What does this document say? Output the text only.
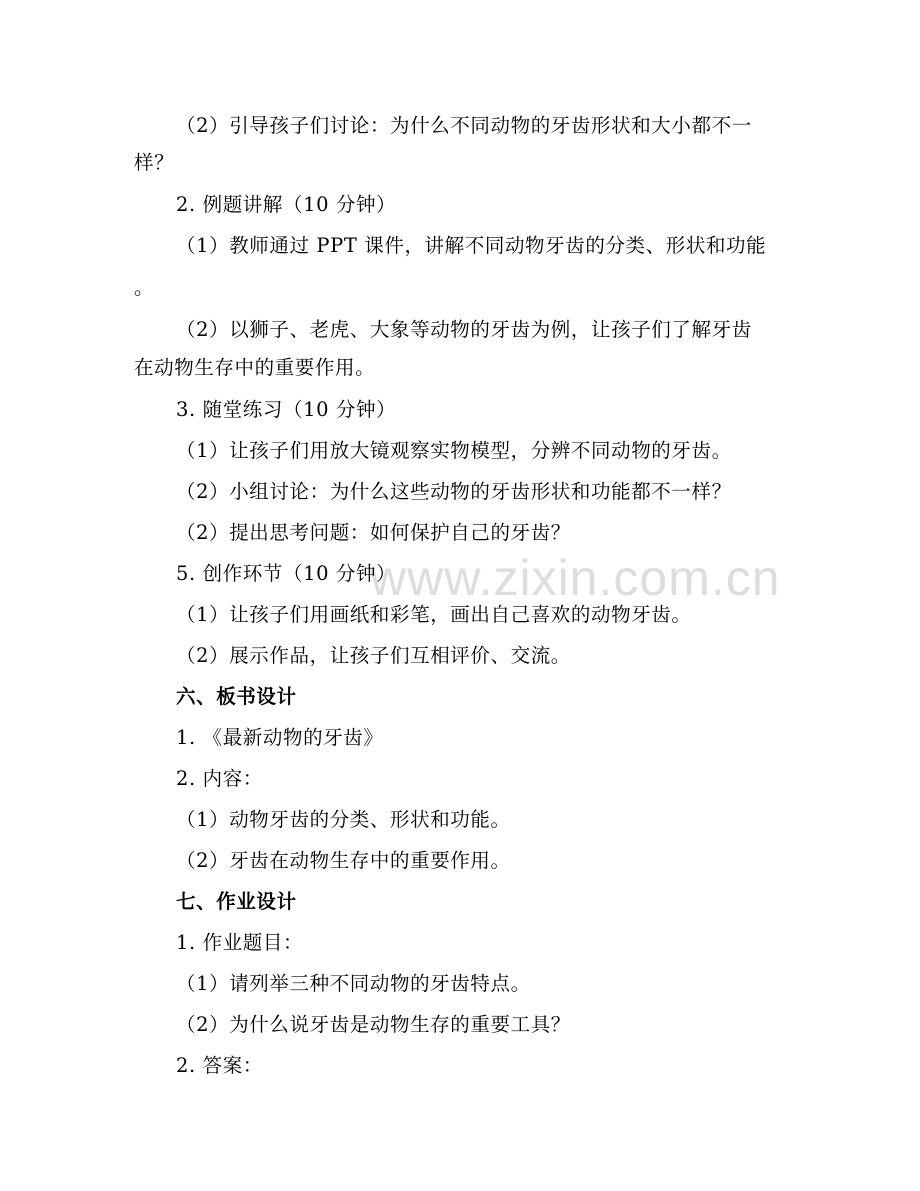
（2）引导孩子们讨论：为什么不同动物的牙齿形状和大小都不一
样？
2. 例题讲解（10 分钟）
（1）教师通过 PPT 课件，讲解不同动物牙齿的分类、形状和功能
。
（2）以狮子、老虎、大象等动物的牙齿为例，让孩子们了解牙齿
在动物生存中的重要作用。
3. 随堂练习（10 分钟）
（1）让孩子们用放大镜观察实物模型，分辨不同动物的牙齿。
（2）小组讨论：为什么这些动物的牙齿形状和功能都不一样？
（2）提出思考问题：如何保护自己的牙齿？
5. 创作环节（10 分钟）
（1）让孩子们用画纸和彩笔，画出自己喜欢的动物牙齿。
（2）展示作品，让孩子们互相评价、交流。
六、板书设计
1. 《最新动物的牙齿》
2. 内容：
（1）动物牙齿的分类、形状和功能。
（2）牙齿在动物生存中的重要作用。
七、作业设计
1. 作业题目：
（1）请列举三种不同动物的牙齿特点。
（2）为什么说牙齿是动物生存的重要工具？
2. 答案：
www.zixin.com.cn
